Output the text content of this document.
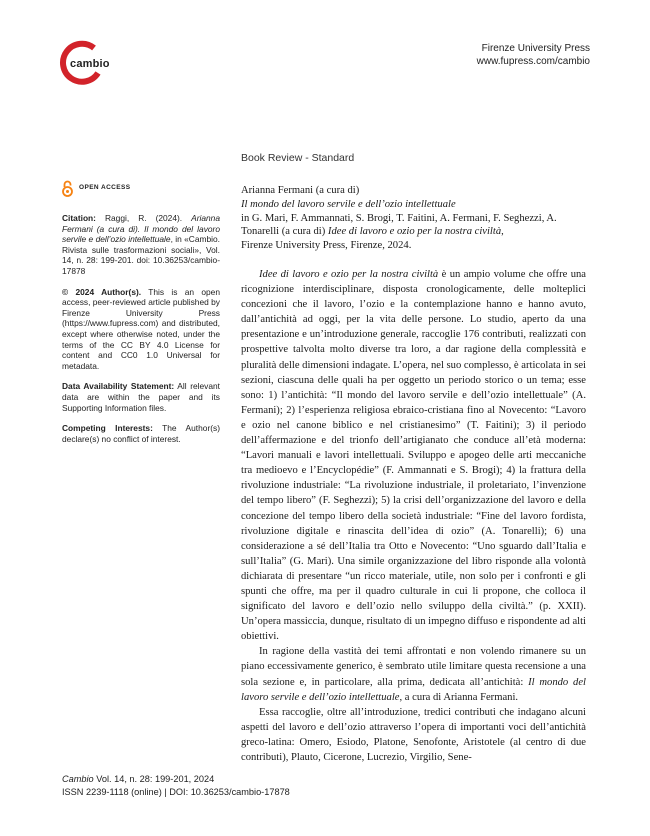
cambio
Firenze University Press
www.fupress.com/cambio
Book Review - Standard
OPEN ACCESS
Citation: Raggi, R. (2024). Arianna Fermani (a cura di). Il mondo del lavoro servile e dell’ozio intellettuale, in «Cambio. Rivista sulle trasformazioni sociali», Vol. 14, n. 28: 199-201. doi: 10.36253/cambio-17878
© 2024 Author(s). This is an open access, peer-reviewed article published by Firenze University Press (https://www.fupress.com) and distributed, except where otherwise noted, under the terms of the CC BY 4.0 License for content and CC0 1.0 Universal for metadata.
Data Availability Statement: All relevant data are within the paper and its Supporting Information files.
Competing Interests: The Author(s) declare(s) no conflict of interest.
Arianna Fermani (a cura di)
Il mondo del lavoro servile e dell’ozio intellettuale
in G. Mari, F. Ammannati, S. Brogi, T. Faitini, A. Fermani, F. Seghezzi, A. Tonarelli (a cura di) Idee di lavoro e ozio per la nostra civiltà,
Firenze University Press, Firenze, 2024.

Idee di lavoro e ozio per la nostra civiltà è un ampio volume che offre una ricognizione interdisciplinare, disposta cronologicamente, delle molteplici concezioni che il lavoro, l’ozio e la contemplazione hanno e hanno avuto, dall’antichità ad oggi, per la vita delle persone. Lo studio, aperto da una presentazione e un’introduzione generale, raccoglie 176 contributi, realizzati con prospettive talvolta molto diverse tra loro, a dar ragione della complessità e pluralità delle dimensioni indagate. L’opera, nel suo complesso, è articolata in sei sezioni, ciascuna delle quali ha per oggetto un periodo storico o un tema; esse sono: 1) l’antichità: “Il mondo del lavoro servile e dell’ozio intellettuale” (A. Fermani); 2) l’esperienza religiosa ebraico-cristiana fino al Novecento: “Lavoro e ozio nel canone biblico e nel cristianesimo” (T. Faitini); 3) il periodo dell’affermazione e del trionfo dell’artigianato che conduce all’età moderna: “Lavori manuali e lavori intellettuali. Sviluppo e apogeo delle arti meccaniche tra medioevo e l’Encyclopédie” (F. Ammannati e S. Brogi); 4) la frattura della rivoluzione industriale: “La rivoluzione industriale, il proletariato, l’invenzione del tempo libero” (F. Seghezzi); 5) la crisi dell’organizzazione del lavoro e della concezione del tempo libero della società industriale: “Fine del lavoro fordista, rivoluzione digitale e rinascita dell’idea di ozio” (A. Tonarelli); 6) una considerazione a sé dell’Italia tra Otto e Novecento: “Uno sguardo dall’Italia e sull’Italia” (G. Mari). Una simile organizzazione del libro risponde alla volontà dichiarata di presentare “un ricco materiale, utile, non solo per i confronti e gli spunti che offre, ma per il quadro culturale in cui li propone, che colloca il significato del lavoro e dell’ozio nello sviluppo della civiltà.” (p. XXII). Un’opera massiccia, dunque, risultato di un impegno diffuso e rispondente ad alti obiettivi.

In ragione della vastità dei temi affrontati e non volendo rimanere su un piano eccessivamente generico, è sembrato utile limitare questa recensione a una sola sezione e, in particolare, alla prima, dedicata all’antichità: Il mondo del lavoro servile e dell’ozio intellettuale, a cura di Arianna Fermani.

Essa raccoglie, oltre all’introduzione, tredici contributi che indagano alcuni aspetti del lavoro e dell’ozio attraverso l’opera di importanti voci dell’antichità greco-latina: Omero, Esiodo, Platone, Senofonte, Aristotele (al centro di due contributi), Plauto, Cicerone, Lucrezio, Virgilio, Sene-

Cambio Vol. 14, n. 28: 199-201, 2024
ISSN 2239-1118 (online) | DOI: 10.36253/cambio-17878
